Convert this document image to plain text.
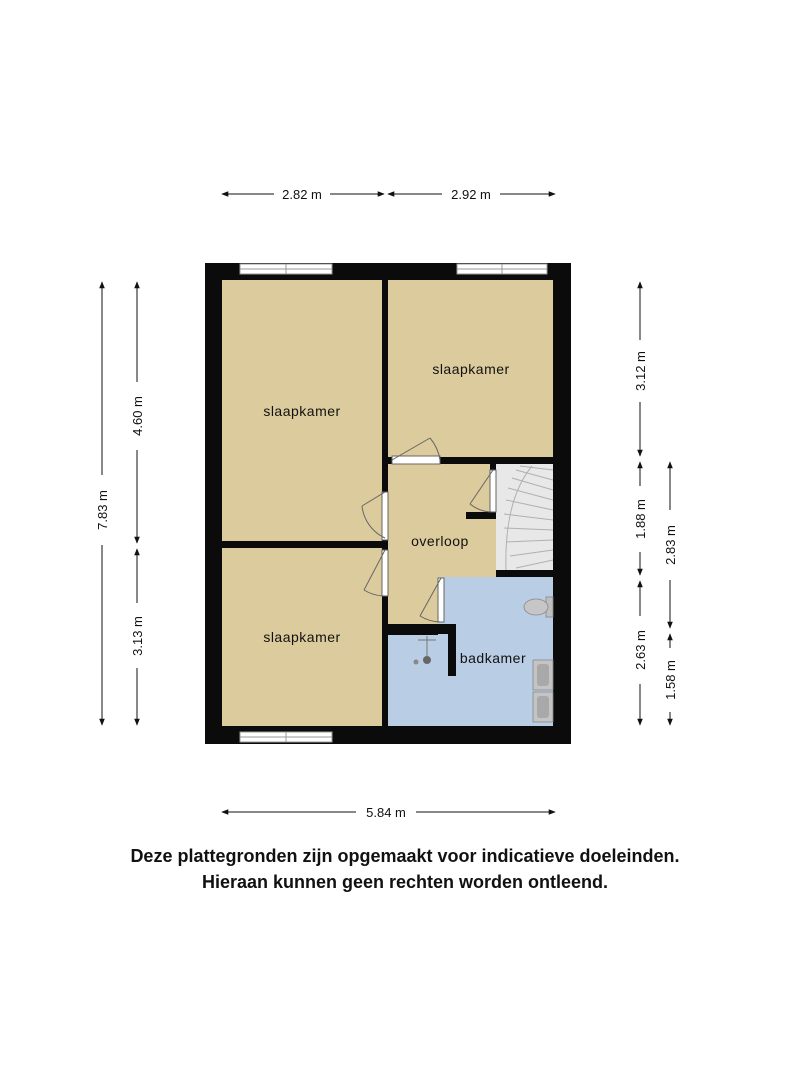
2.82 m	2.92 m
5.84 m
7.83 m
4.60 m
3.13 m
3.12 m
1.88 m
2.63 m
2.83 m
1.58 m
slaapkamer
slaapkamer
slaapkamer
overloop
badkamer
Deze plattegronden zijn opgemaakt voor indicatieve doeleinden.
Hieraan kunnen geen rechten worden ontleend.
